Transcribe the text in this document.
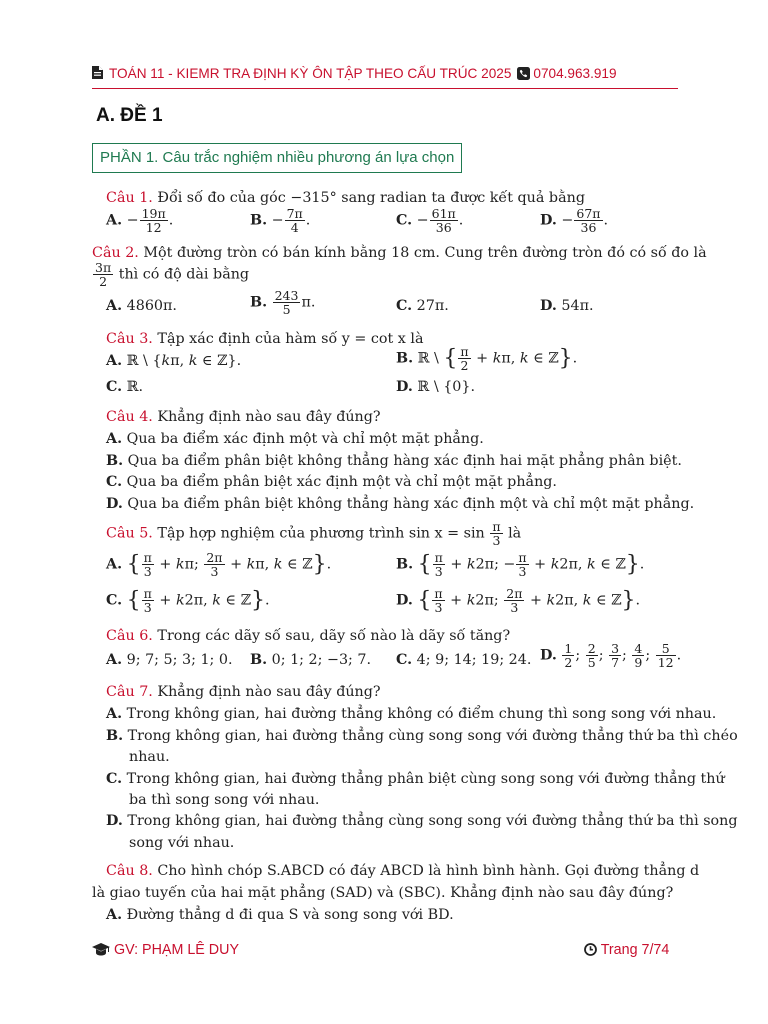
TOÁN 11 - KIEMR TRA ĐỊNH KỲ ÔN TẬP THEO CẤU TRÚC 2025 0704.963.919
A. ĐỀ 1
PHẦN 1. Câu trắc nghiệm nhiều phương án lựa chọn
Câu 1. Đổi số đo của góc −315° sang radian ta được kết quả bằng
A. − $\frac{19\pi}{12}$ .	B. − $\frac{7\pi}{4}$ .	C. − $\frac{61\pi}{36}$ .	D. − $\frac{67\pi}{36}$ .
Câu 2. Một đường tròn có bán kính bằng 18 cm. Cung trên đường tròn đó có số đo là
$\frac{3\pi}{2}$ thì có độ dài bằng
A. 4860π.	B. $\frac{243}{5} \pi$.	C. 27π.	D. 54π.
Câu 3. Tập xác định của hàm số y = cot x là
A. ℝ \ {kπ, k ∈ ℤ}.	B. ℝ \ { $\frac{\pi}{2} + k\pi$, k ∈ ℤ}.
C. ℝ.	D. ℝ \ {0}.
Câu 4. Khẳng định nào sau đây đúng?
A. Qua ba điểm xác định một và chỉ một mặt phẳng.
B. Qua ba điểm phân biệt không thẳng hàng xác định hai mặt phẳng phân biệt.
C. Qua ba điểm phân biệt xác định một và chỉ một mặt phẳng.
D. Qua ba điểm phân biệt không thẳng hàng xác định một và chỉ một mặt phẳng.
Câu 5. Tập hợp nghiệm của phương trình $\sin x = \sin \frac{\pi}{3}$ là
A. { $\frac{\pi}{3} + k\pi$; $\frac{2\pi}{3} + k\pi$, k ∈ ℤ}.	B. { $\frac{\pi}{3} + k2\pi$; − $\frac{\pi}{3} + k2\pi$, k ∈ ℤ}.
C. { $\frac{\pi}{3} + k2\pi$, k ∈ ℤ}.	D. { $\frac{\pi}{3} + k2\pi$; $\frac{2\pi}{3} + k2\pi$, k ∈ ℤ}.
Câu 6. Trong các dãy số sau, dãy số nào là dãy số tăng?
A. 9; 7; 5; 3; 1; 0. B. 0; 1; 2; −3; 7. C. 4; 9; 14; 19; 24. D. $\frac{1}{2}$ ; $\frac{2}{5}$ ; $\frac{3}{7}$ ; $\frac{4}{9}$ ; $\frac{5}{12}$ .
Câu 7. Khẳng định nào sau đây đúng?
A. Trong không gian, hai đường thẳng không có điểm chung thì song song với nhau.
B. Trong không gian, hai đường thẳng cùng song song với đường thẳng thứ ba thì chéo
nhau.
C. Trong không gian, hai đường thẳng phân biệt cùng song song với đường thẳng thứ
ba thì song song với nhau.
D. Trong không gian, hai đường thẳng cùng song song với đường thẳng thứ ba thì song
song với nhau.
Câu 8. Cho hình chóp S.ABCD có đáy ABCD là hình bình hành. Gọi đường thẳng d
là giao tuyến của hai mặt phẳng (SAD) và (SBC). Khẳng định nào sau đây đúng?
A. Đường thẳng d đi qua S và song song với BD.
GV: PHẠM LÊ DUY	Trang 7/74
